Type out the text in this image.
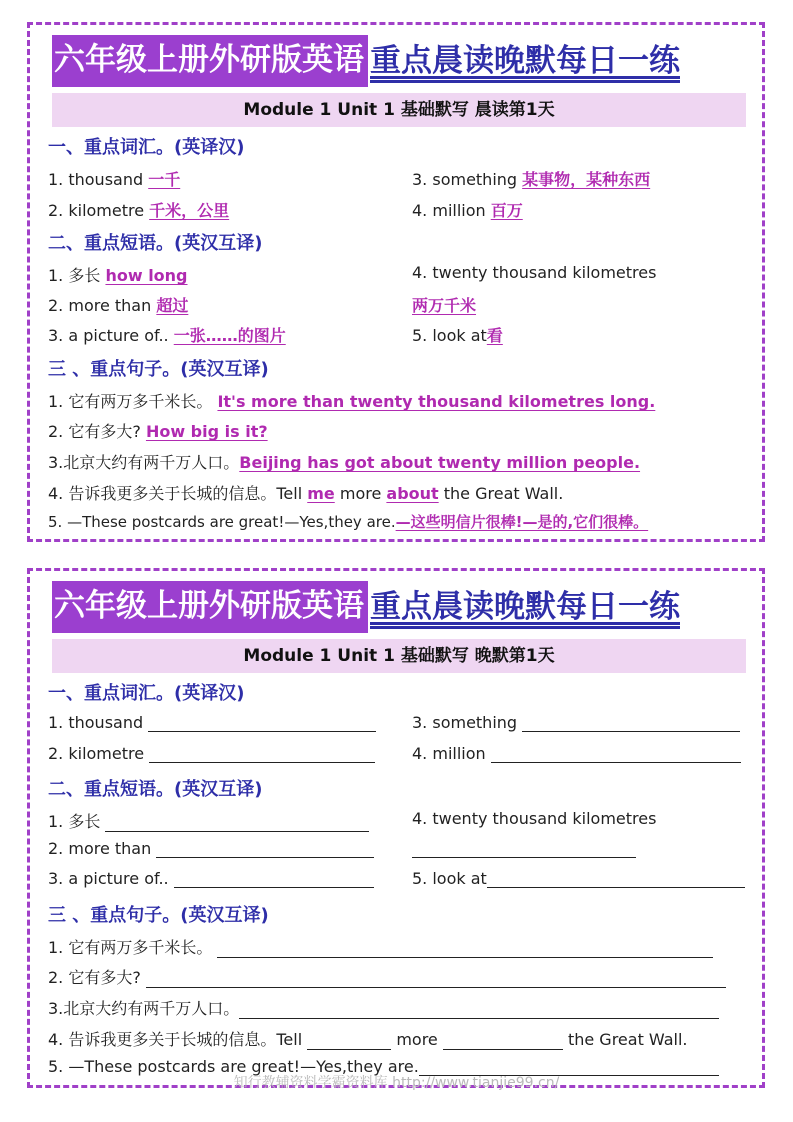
六年级上册外研版英语 重点晨读晚默每日一练
Module 1 Unit 1 基础默写 晨读第1天
一、重点词汇。(英译汉)
1. thousand 一千	3. something 某事物，某种东西
2. kilometre 千米，公里	4. million 百万
二、重点短语。(英汉互译)
1. 多长 how long	4. twenty thousand kilometres
2. more than 超过	两万千米
3. a picture of.. 一张……的图片	5. look at看
三 、重点句子。(英汉互译)
1. 它有两万多千米长。 It's more than twenty thousand kilometres long.
2. 它有多大? How big is it?
3.北京大约有两千万人口。Beijing has got about twenty million people.
4. 告诉我更多关于长城的信息。Tell me more about the Great Wall.
5. —These postcards are great!—Yes,they are.—这些明信片很棒!—是的,它们很棒。
六年级上册外研版英语 重点晨读晚默每日一练
Module 1 Unit 1 基础默写 晚默第1天
一、重点词汇。(英译汉)
1. thousand	3. something
2. kilometre	4. million
二、重点短语。(英汉互译)
1. 多长	4. twenty thousand kilometres
2. more than
3. a picture of..	5. look at
三 、重点句子。(英汉互译)
1. 它有两万多千米长。
2. 它有多大?
3.北京大约有两千万人口。
4. 告诉我更多关于长城的信息。Tell	more	the Great Wall.
5. —These postcards are great!—Yes,they are.
知行教辅资料学霸资料库 http://www.tianjie99.cn/
